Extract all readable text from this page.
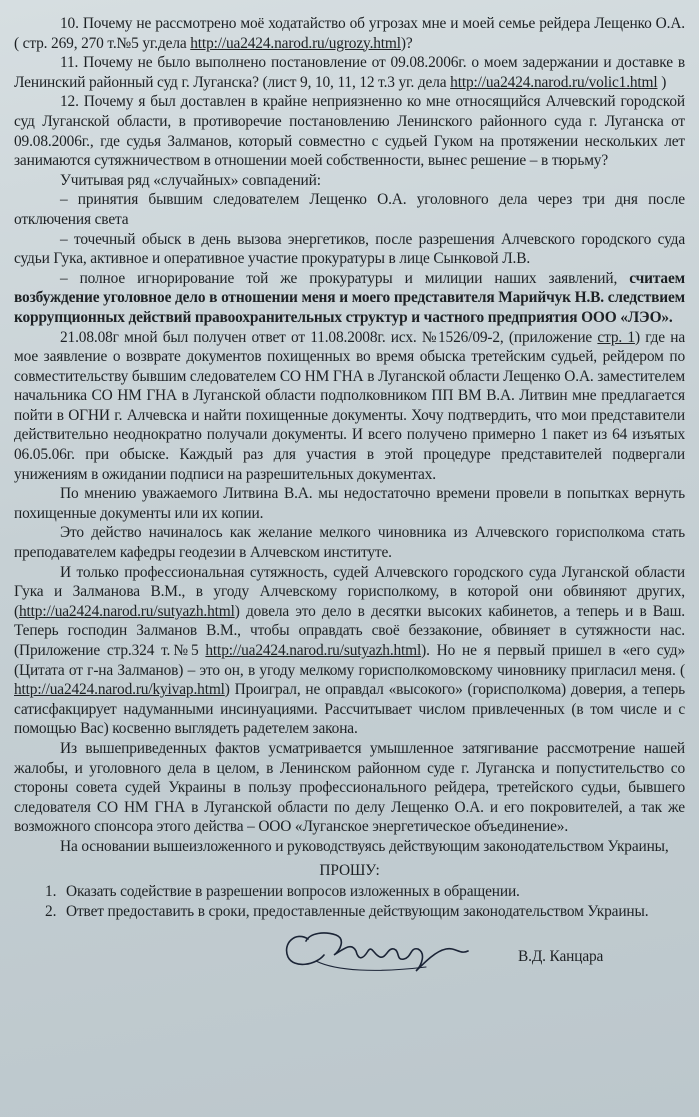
10. Почему не рассмотрено моё ходатайство об угрозах мне и моей семье рейдера Лещенко О.А. ( стр. 269, 270 т.№5 уг.дела http://ua2424.narod.ru/ugrozy.html)?

11. Почему не было выполнено постановление от 09.08.2006г. о моем задержании и доставке в Ленинский районный суд г. Луганска? (лист 9, 10, 11, 12 т.3 уг. дела http://ua2424.narod.ru/volic1.html )

12. Почему я был доставлен в крайне неприязненно ко мне относящийся Алчевский городской суд Луганской области, в противоречие постановлению Ленинского районного суда г. Луганска от 09.08.2006г., где судья Залманов, который совместно с судьей Гуком на протяжении нескольких лет занимаются сутяжничеством в отношении моей собственности, вынес решение – в тюрьму?

Учитывая ряд «случайных» совпадений:

– принятия бывшим следователем Лещенко О.А. уголовного дела через три дня после отключения света

– точечный обыск в день вызова энергетиков, после разрешения Алчевского городского суда судьи Гука, активное и оперативное участие прокуратуры в лице Сынковой Л.В.

– полное игнорирование той же прокуратуры и милиции наших заявлений, считаем возбуждение уголовное дело в отношении меня и моего представителя Марийчук Н.В. следствием коррупционных действий правоохранительных структур и частного предприятия ООО «ЛЭО».

21.08.08г мной был получен ответ от 11.08.2008г. исх. №1526/09-2, (приложение стр. 1) где на мое заявление о возврате документов похищенных во время обыска третейским судьей, рейдером по совместительству бывшим следователем СО НМ ГНА в Луганской области Лещенко О.А. заместителем начальника СО НМ ГНА в Луганской области подполковником ПП ВМ В.А. Литвин мне предлагается пойти в ОГНИ г. Алчевска и найти похищенные документы. Хочу подтвердить, что мои представители действительно неоднократно получали документы. И всего получено примерно 1 пакет из 64 изъятых 06.05.06г. при обыске. Каждый раз для участия в этой процедуре представителей подвергали унижениям в ожидании подписи на разрешительных документах.

По мнению уважаемого Литвина В.А. мы недостаточно времени провели в попытках вернуть похищенные документы или их копии.

Это действо начиналось как желание мелкого чиновника из Алчевского горисполкома стать преподавателем кафедры геодезии в Алчевском институте.

И только профессиональная сутяжность, судей Алчевского городского суда Луганской области Гука и Залманова В.М., в угоду Алчевскому горисполкому, в которой они обвиняют других, (http://ua2424.narod.ru/sutyazh.html) довела это дело в десятки высоких кабинетов, а теперь и в Ваш. Теперь господин Залманов В.М., чтобы оправдать своё беззаконие, обвиняет в сутяжности нас. (Приложение стр.324 т.№5 http://ua2424.narod.ru/sutyazh.html). Но не я первый пришел в «его суд» (Цитата от г-на Залманов) – это он, в угоду мелкому горисполкомовскому чиновнику пригласил меня. ( http://ua2424.narod.ru/kyivap.html) Проиграл, не оправдал «высокого» (горисполкома) доверия, а теперь сатисфакцирует надуманными инсинуациями. Рассчитывает числом привлеченных (в том числе и с помощью Вас) косвенно выглядеть радетелем закона.

Из вышеприведенных фактов усматривается умышленное затягивание рассмотрение нашей жалобы, и уголовного дела в целом, в Ленинском районном суде г. Луганска и попустительство со стороны совета судей Украины в пользу профессионального рейдера, третейского судьи, бывшего следователя СО НМ ГНА в Луганской области по делу Лещенко О.А. и его покровителей, а так же возможного спонсора этого действа – ООО «Луганское энергетическое объединение».

На основании вышеизложенного и руководствуясь действующим законодательством Украины,

ПРОШУ:

1. Оказать содействие в разрешении вопросов изложенных в обращении.
2. Ответ предоставить в сроки, предоставленные действующим законодательством Украины.
В.Д. Канцара
